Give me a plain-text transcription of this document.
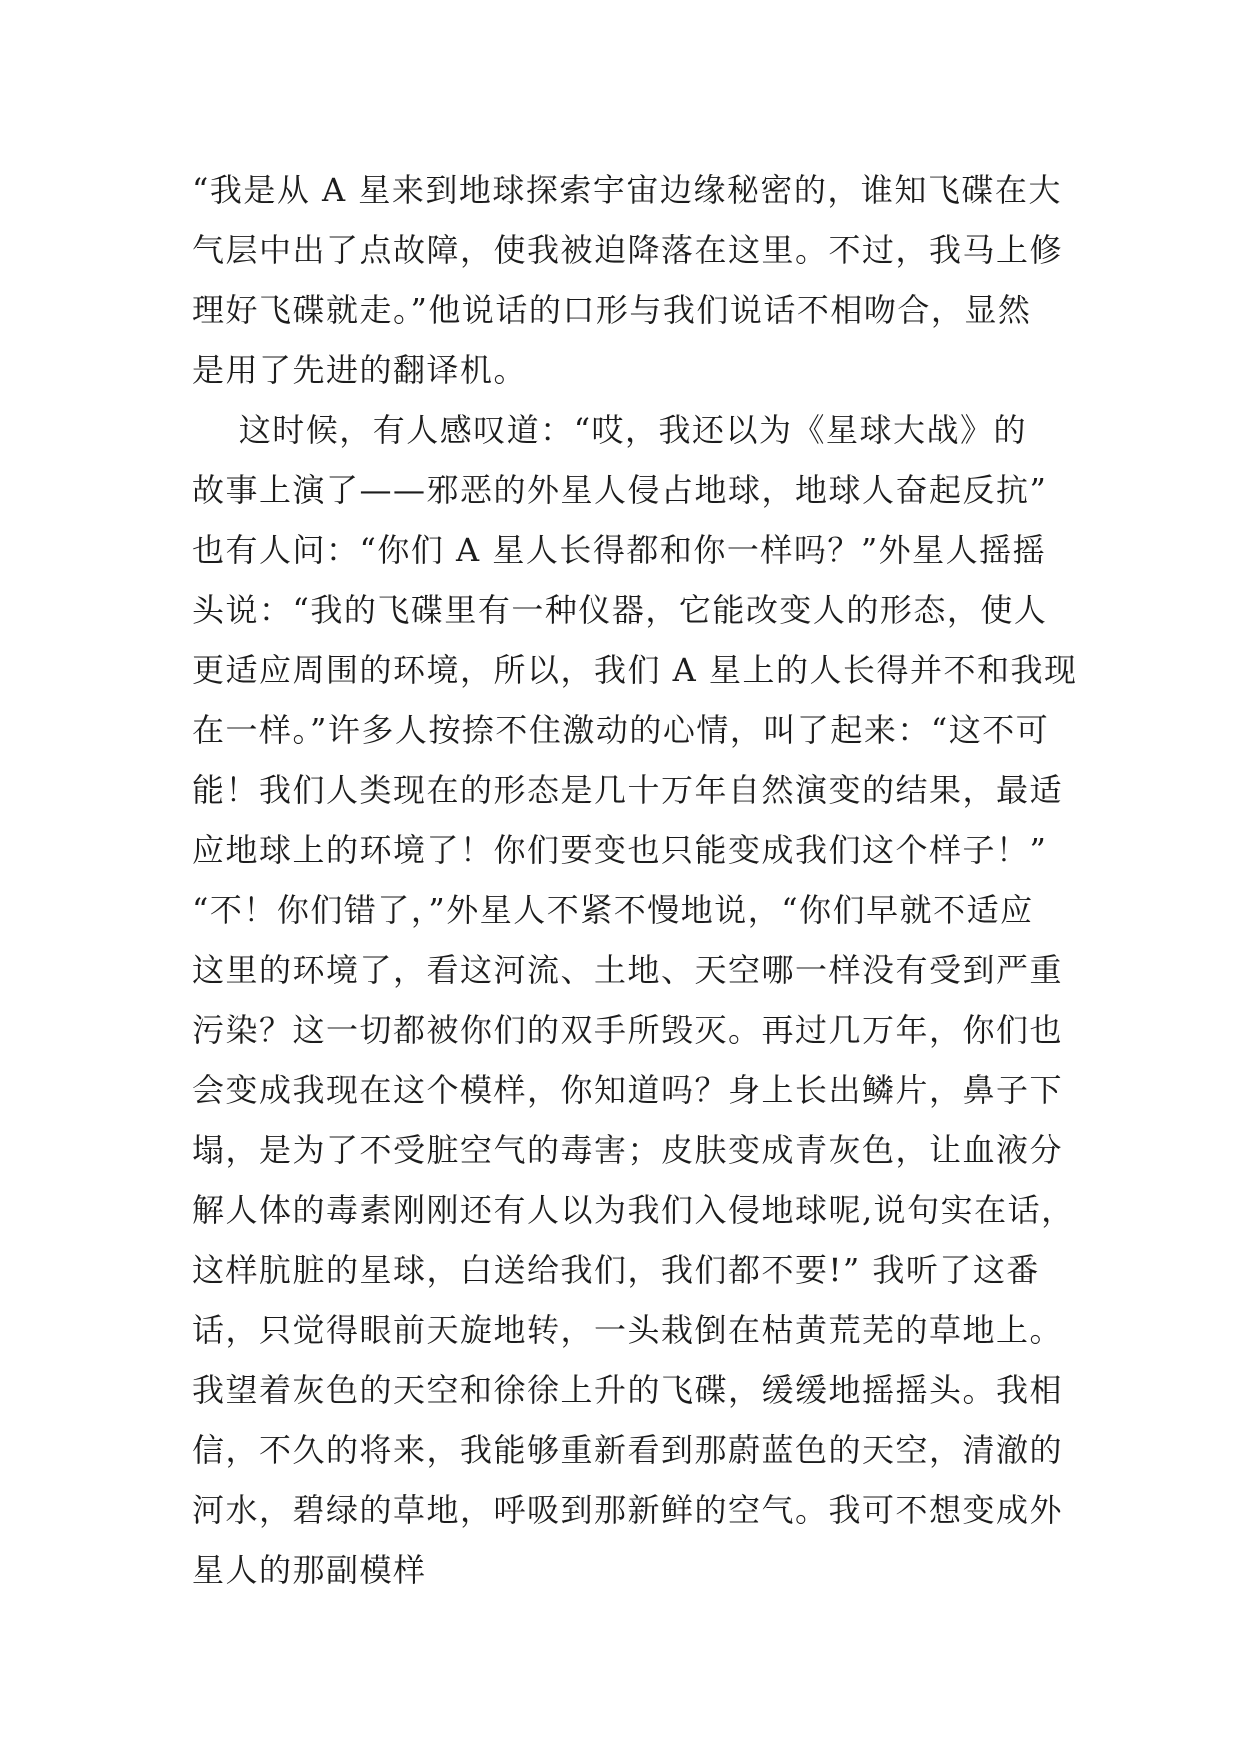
“我是从 A 星来到地球探索宇宙边缘秘密的，谁知飞碟在大
气层中出了点故障，使我被迫降落在这里。不过，我马上修
理好飞碟就走。”他说话的口形与我们说话不相吻合，显然
是用了先进的翻译机。
这时候，有人感叹道：“哎，我还以为《星球大战》的
故事上演了——邪恶的外星人侵占地球，地球人奋起反抗”
也有人问：“你们 A 星人长得都和你一样吗？”外星人摇摇
头说：“我的飞碟里有一种仪器，它能改变人的形态，使人
更适应周围的环境，所以，我们 A 星上的人长得并不和我现
在一样。”许多人按捺不住激动的心情，叫了起来：“这不可
能！我们人类现在的形态是几十万年自然演变的结果，最适
应地球上的环境了！你们要变也只能变成我们这个样子！”
“不！你们错了，”外星人不紧不慢地说，“你们早就不适应
这里的环境了，看这河流、土地、天空哪一样没有受到严重
污染？这一切都被你们的双手所毁灭。再过几万年，你们也
会变成我现在这个模样，你知道吗？身上长出鳞片，鼻子下
塌，是为了不受脏空气的毒害；皮肤变成青灰色，让血液分
解人体的毒素刚刚还有人以为我们入侵地球呢,说句实在话，
这样肮脏的星球，白送给我们，我们都不要!” 我听了这番
话，只觉得眼前天旋地转，一头栽倒在枯黄荒芜的草地上。
我望着灰色的天空和徐徐上升的飞碟，缓缓地摇摇头。我相
信，不久的将来，我能够重新看到那蔚蓝色的天空，清澈的
河水，碧绿的草地，呼吸到那新鲜的空气。我可不想变成外
星人的那副模样
